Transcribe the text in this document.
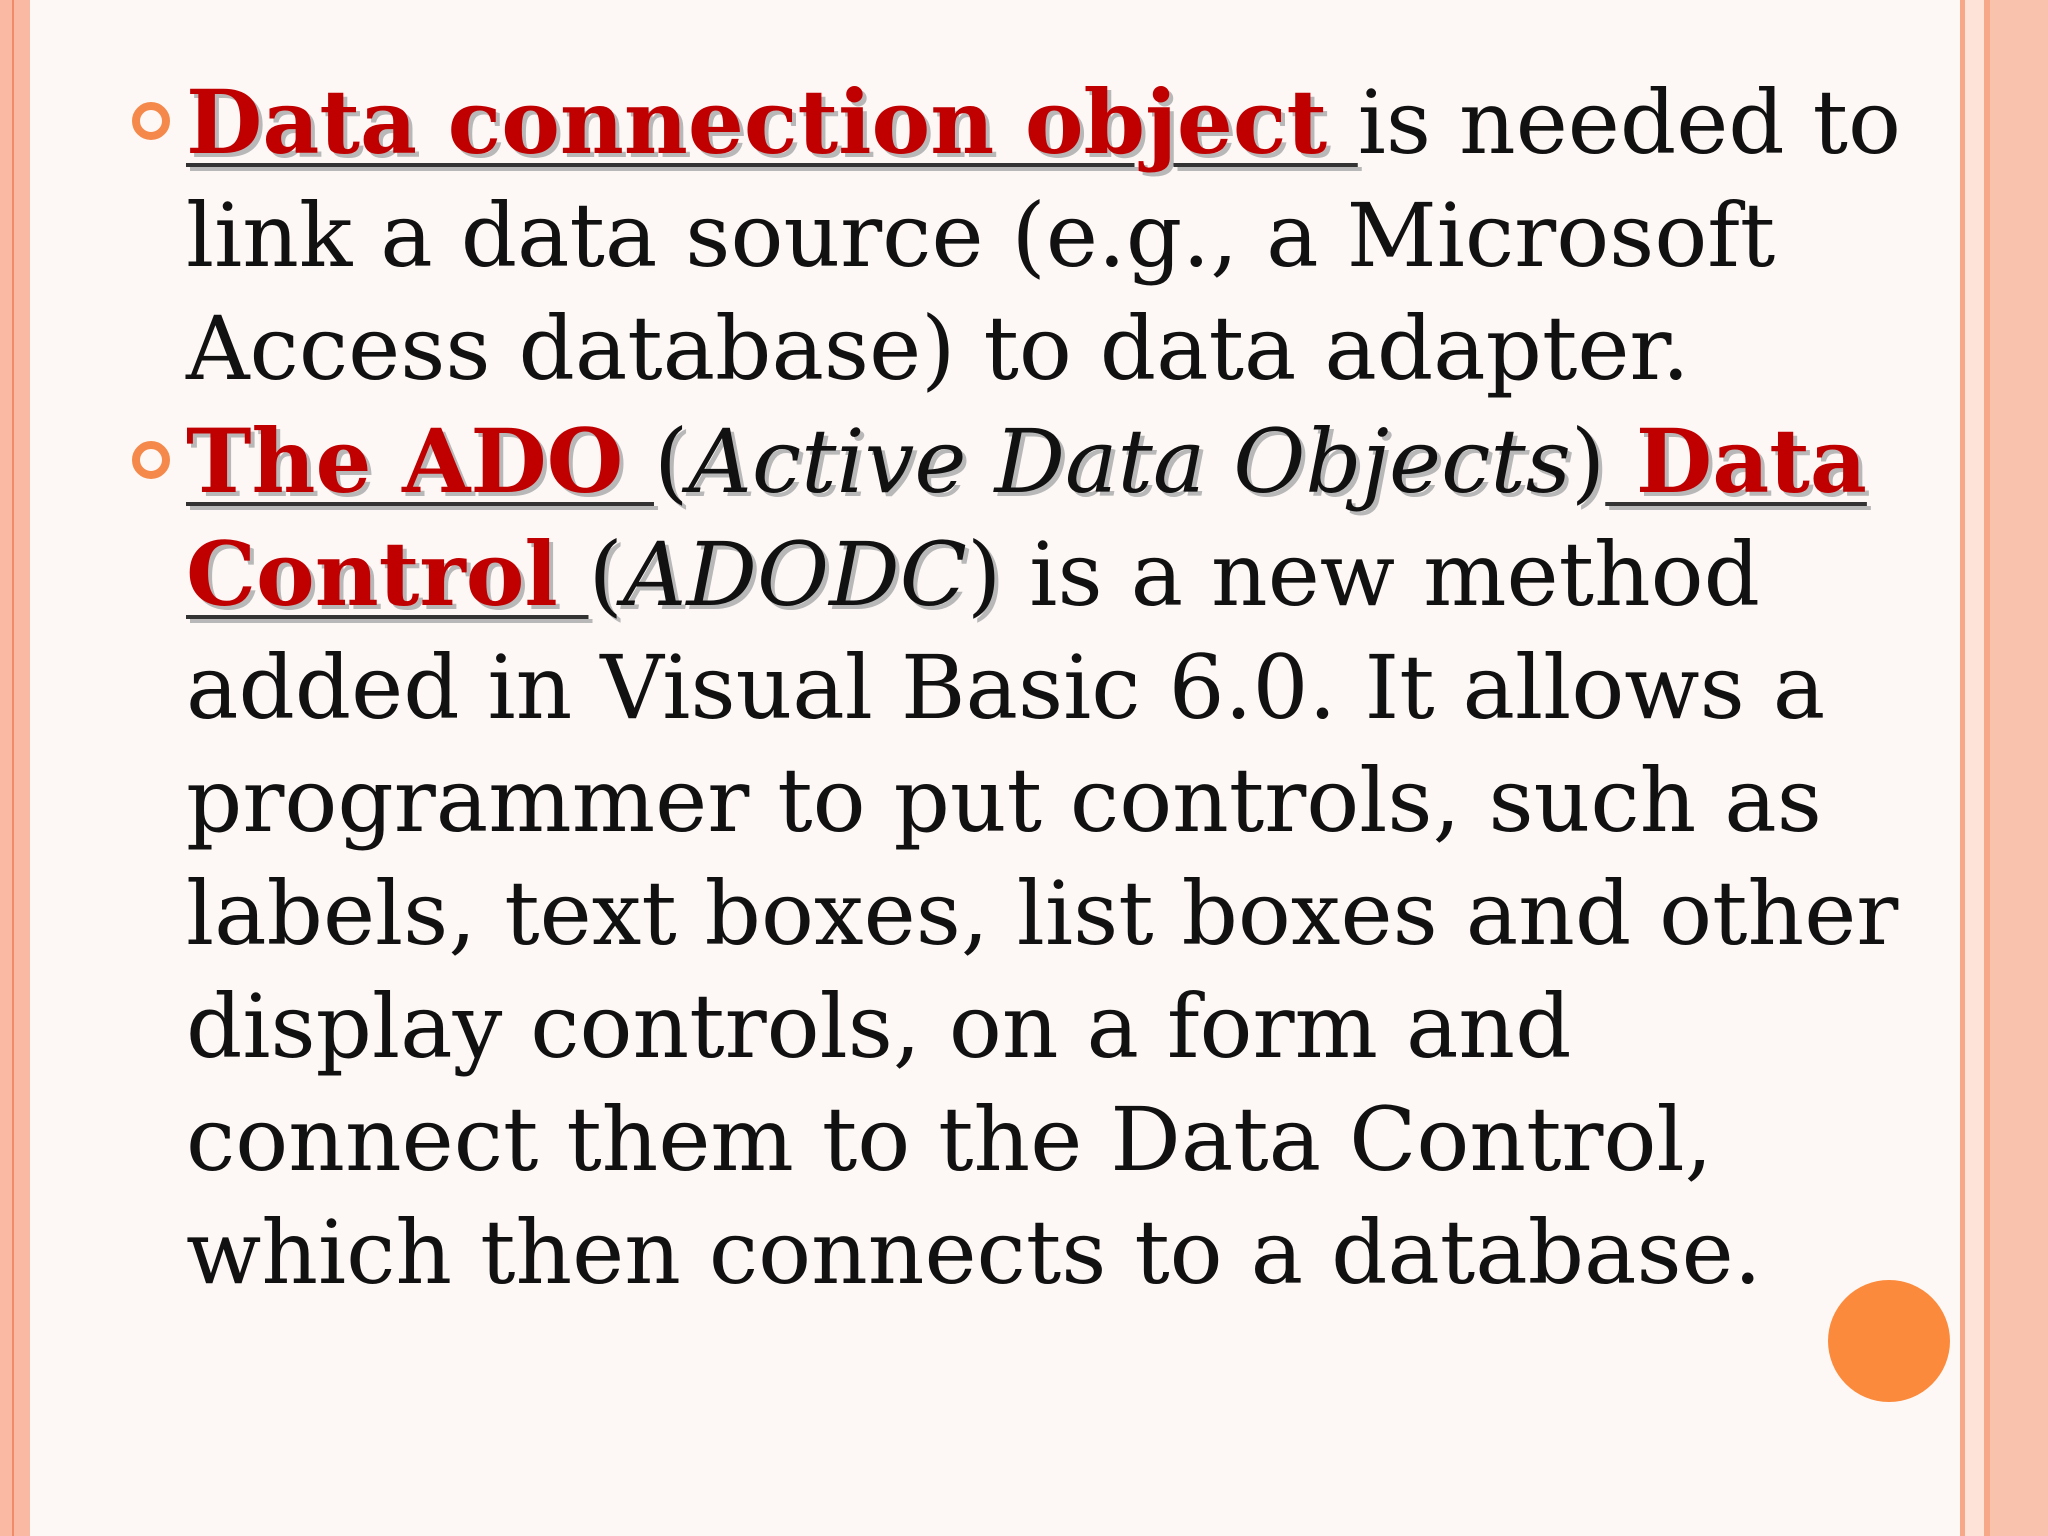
Data connection object is needed to link a data source (e.g., a Microsoft Access database) to data adapter.
The ADO (Active Data Objects) Data Control (ADODC) is a new method added in Visual Basic 6.0. It allows a programmer to put controls, such as labels, text boxes, list boxes and other display controls, on a form and connect them to the Data Control, which then connects to a database.
